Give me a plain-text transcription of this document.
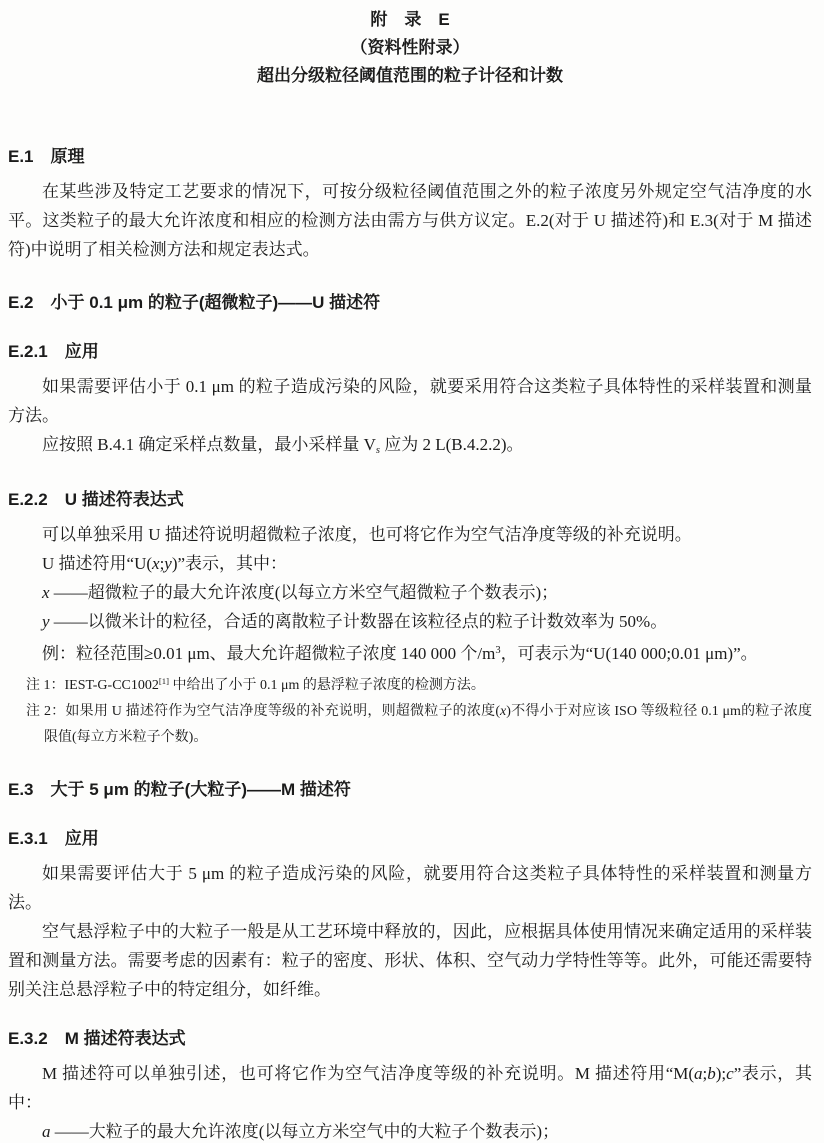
附　录　E
（资料性附录）
超出分级粒径阈值范围的粒子计径和计数
E.1　原理

在某些涉及特定工艺要求的情况下，可按分级粒径阈值范围之外的粒子浓度另外规定空气洁净度的水平。这类粒子的最大允许浓度和相应的检测方法由需方与供方议定。E.2(对于 U 描述符)和 E.3(对于 M 描述符)中说明了相关检测方法和规定表达式。

E.2　小于 0.1 μm 的粒子(超微粒子)——U 描述符
E.2.1　应用

如果需要评估小于 0.1 μm 的粒子造成污染的风险，就要采用符合这类粒子具体特性的采样装置和测量方法。

应按照 B.4.1 确定采样点数量，最小采样量 $V_s$ 应为 2 L(B.4.2.2)。

E.2.2　U 描述符表达式

可以单独采用 U 描述符说明超微粒子浓度，也可将它作为空气洁净度等级的补充说明。

U 描述符用“U(x;y)”表示，其中：

x ——超微粒子的最大允许浓度(以每立方米空气超微粒子个数表示)；

y ——以微米计的粒径，合适的离散粒子计数器在该粒径点的粒子计数效率为 50%。

例：粒径范围≥0.01 μm、最大允许超微粒子浓度 140 000 个$/m^3$，可表示为“U(140 000;0.01 μm)”。

注 1：IEST-G-CC1002[1] 中给出了小于 0.1 μm 的悬浮粒子浓度的检测方法。

注 2：如果用 U 描述符作为空气洁净度等级的补充说明，则超微粒子的浓度(x)不得小于对应该 ISO 等级粒径 0.1 μm的粒子浓度限值(每立方米粒子个数)。

E.3　大于 5 μm 的粒子(大粒子)——M 描述符
E.3.1　应用

如果需要评估大于 5 μm 的粒子造成污染的风险，就要用符合这类粒子具体特性的采样装置和测量方法。

空气悬浮粒子中的大粒子一般是从工艺环境中释放的，因此，应根据具体使用情况来确定适用的采样装置和测量方法。需要考虑的因素有：粒子的密度、形状、体积、空气动力学特性等等。此外，可能还需要特别关注总悬浮粒子中的特定组分，如纤维。

E.3.2　M 描述符表达式

M 描述符可以单独引述，也可将它作为空气洁净度等级的补充说明。M 描述符用“M(a;b);c”表示，其中：

a ——大粒子的最大允许浓度(以每立方米空气中的大粒子个数表示)；
